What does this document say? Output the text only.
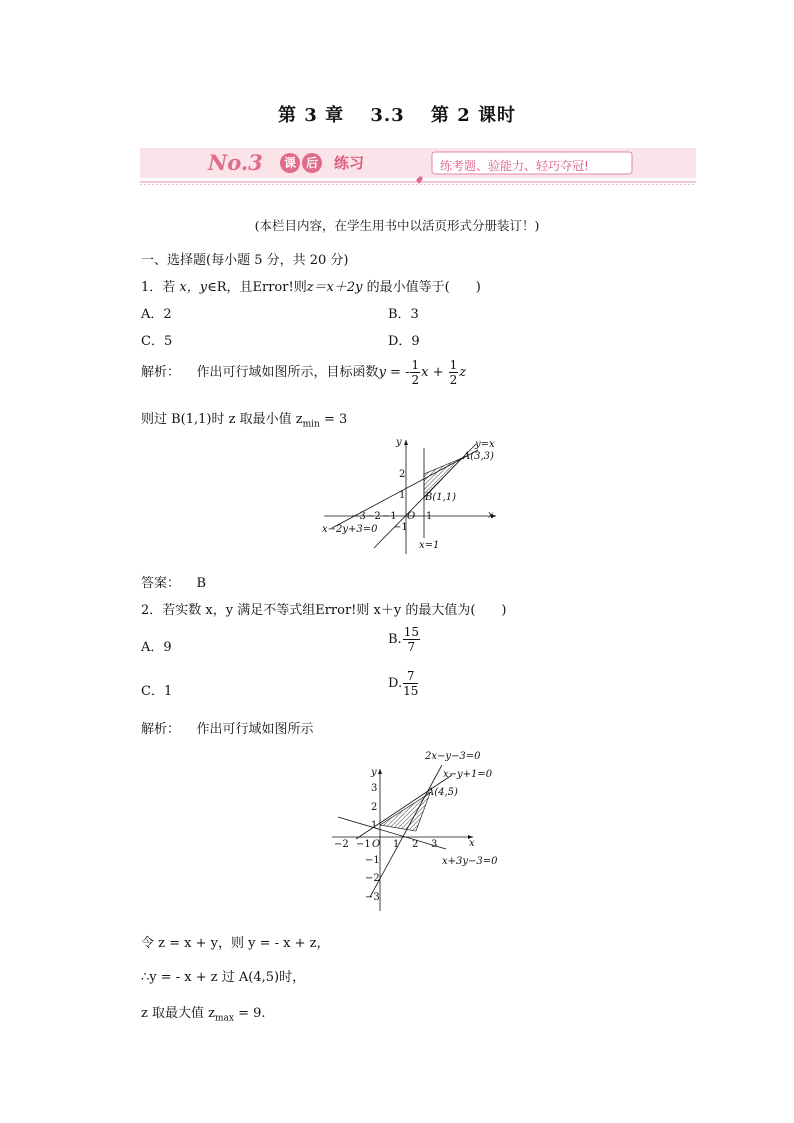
第 3 章　 3.3　 第 2 课时
No.3 课 后 练习	练考题、验能力、轻巧夺冠!
(本栏目内容，在学生用书中以活页形式分册装订！)
一、选择题(每小题 5 分，共 20 分)
1．若 x，y∈R，且Error!则z＝x＋2y 的最小值等于(　　)
A．2	B．3
C．5	D．9
解析： 作出可行域如图所示，目标函数y = - $\frac{1}{2}$ $x + \frac{1}{2}$ z
则过 B(1,1)时 z 取最小值 $z_{min} = 3$
y
x
y=x
A(3,3)
B(1,1)
x−2y+3=0
x=1
O
−3 −2 −1	1
2
1
−1
答案： B
2．若实数 x，y 满足不等式组Error!则 x＋y 的最大值为(　　)
A．9
B. $\frac{15}{7}$
C．1
D. $\frac{7}{15}$
解析： 作出可行域如图所示
y
x
2x−y−3=0
x−y+1=0
A(4,5)
x+3y−3=0
O
−2 −1 1 2 3
3
2
1
−1
−2
−3
令 z = x + y，则 y = - x + z，
∴y = - x + z 过 A(4,5)时，
z 取最大值 $z_{max} = 9$.
